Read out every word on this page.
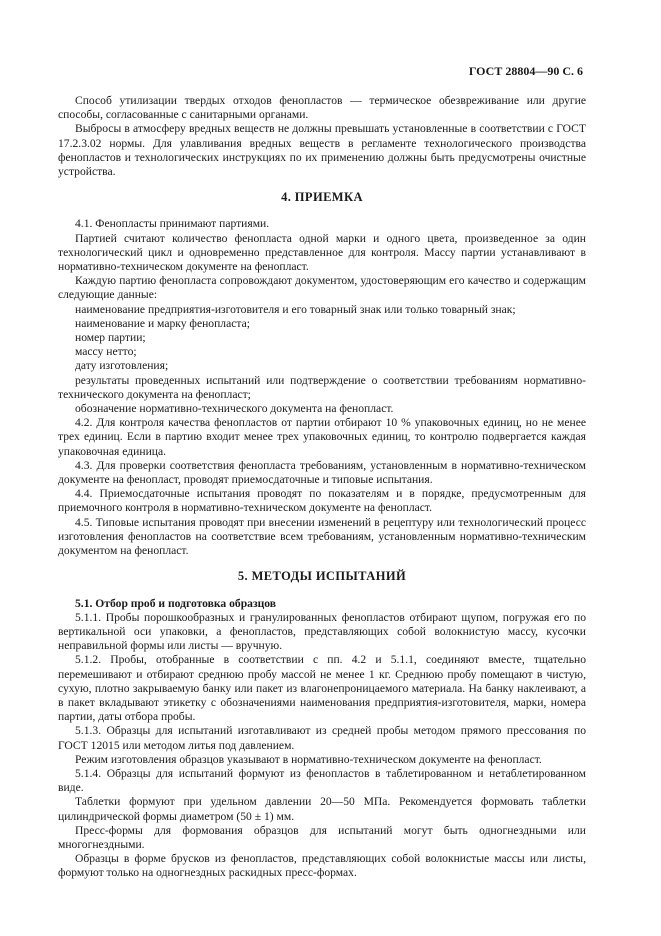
ГОСТ 28804—90 С. 6

Способ утилизации твердых отходов фенопластов — термическое обезвреживание или другие способы, согласованные с санитарными органами.

Выбросы в атмосферу вредных веществ не должны превышать установленные в соответствии с ГОСТ 17.2.3.02 нормы. Для улавливания вредных веществ в регламенте технологического производства фенопластов и технологических инструкциях по их применению должны быть предусмотрены очистные устройства.

4. ПРИЕМКА

4.1. Фенопласты принимают партиями.

Партией считают количество фенопласта одной марки и одного цвета, произведенное за один технологический цикл и одновременно представленное для контроля. Массу партии устанавливают в нормативно-техническом документе на фенопласт.

Каждую партию фенопласта сопровождают документом, удостоверяющим его качество и содержащим следующие данные:

наименование предприятия-изготовителя и его товарный знак или только товарный знак;

наименование и марку фенопласта;

номер партии;

массу нетто;

дату изготовления;

результаты проведенных испытаний или подтверждение о соответствии требованиям нормативно-технического документа на фенопласт;

обозначение нормативно-технического документа на фенопласт.

4.2. Для контроля качества фенопластов от партии отбирают 10 % упаковочных единиц, но не менее трех единиц. Если в партию входит менее трех упаковочных единиц, то контролю подвергается каждая упаковочная единица.

4.3. Для проверки соответствия фенопласта требованиям, установленным в нормативно-техническом документе на фенопласт, проводят приемосдаточные и типовые испытания.

4.4. Приемосдаточные испытания проводят по показателям и в порядке, предусмотренным для приемочного контроля в нормативно-техническом документе на фенопласт.

4.5. Типовые испытания проводят при внесении изменений в рецептуру или технологический процесс изготовления фенопластов на соответствие всем требованиям, установленным нормативно-техническим документом на фенопласт.

5. МЕТОДЫ ИСПЫТАНИЙ

5.1. Отбор проб и подготовка образцов

5.1.1. Пробы порошкообразных и гранулированных фенопластов отбирают щупом, погружая его по вертикальной оси упаковки, а фенопластов, представляющих собой волокнистую массу, кусочки неправильной формы или листы — вручную.

5.1.2. Пробы, отобранные в соответствии с пп. 4.2 и 5.1.1, соединяют вместе, тщательно перемешивают и отбирают среднюю пробу массой не менее 1 кг. Среднюю пробу помещают в чистую, сухую, плотно закрываемую банку или пакет из влагонепроницаемого материала. На банку наклеивают, а в пакет вкладывают этикетку с обозначениями наименования предприятия-изготовителя, марки, номера партии, даты отбора пробы.

5.1.3. Образцы для испытаний изготавливают из средней пробы методом прямого прессования по ГОСТ 12015 или методом литья под давлением.

Режим изготовления образцов указывают в нормативно-техническом документе на фенопласт.

5.1.4. Образцы для испытаний формуют из фенопластов в таблетированном и нетаблетированном виде.

Таблетки формуют при удельном давлении 20—50 МПа. Рекомендуется формовать таблетки цилиндрической формы диаметром (50 ± 1) мм.

Пресс-формы для формования образцов для испытаний могут быть одногнездными или многогнездными.

Образцы в форме брусков из фенопластов, представляющих собой волокнистые массы или листы, формуют только на одногнездных раскидных пресс-формах.
